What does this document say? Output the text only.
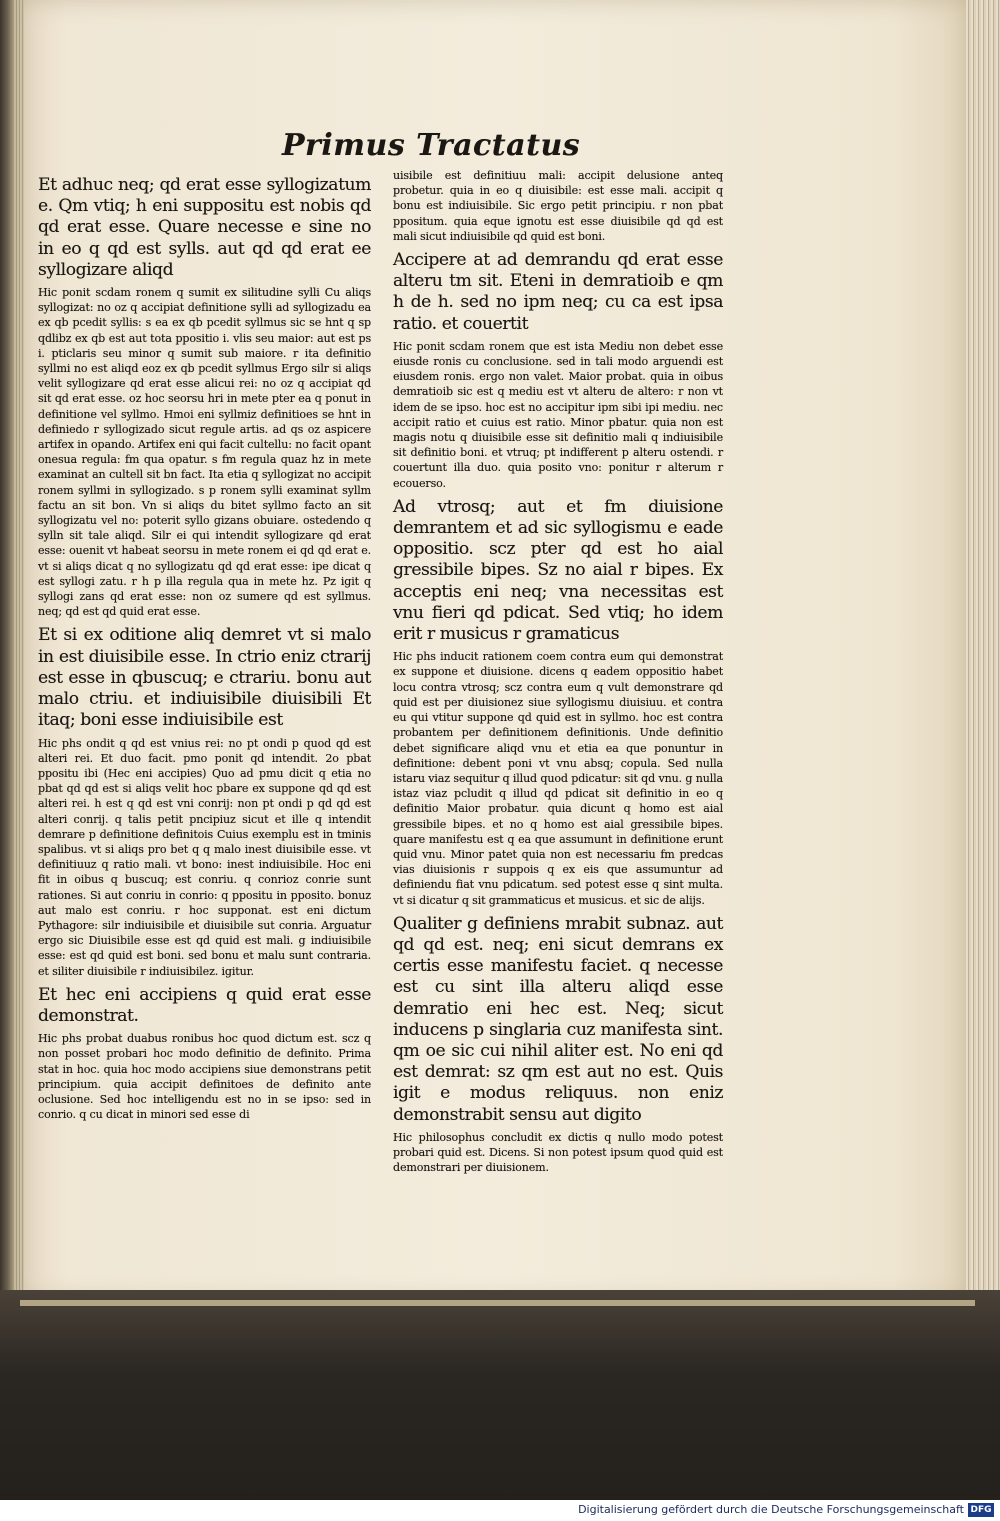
Primus Tractatus

Et adhuc neq; qd erat esse syllogizatum e. Qm vtiq; h eni suppositu est nobis qd qd erat esse. Quare necesse e sine no in eo q qd est sylls. aut qd qd erat ee syllogizare aliqd

Hic ponit scdam ronem q sumit ex silitudine sylli Cu aliqs syllogizat: no oz q accipiat definitione sylli ad syllogizadu ea ex qb pcedit syllis: s ea ex qb pcedit syllmus sic se hnt q sp qdlibz ex qb est aut tota ppositio i. vlis seu maior: aut est ps i. pticlaris seu minor q sumit sub maiore. r ita definitio syllmi no est aliqd eoz ex qb pcedit syllmus Ergo silr si aliqs velit syllogizare qd erat esse alicui rei: no oz q accipiat qd sit qd erat esse. oz hoc seorsu hri in mete pter ea q ponut in definitione vel syllmo. Hmoi eni syllmiz definitioes se hnt in definiedo r syllogizado sicut regule artis. ad qs oz aspicere artifex in opando. Artifex eni qui facit cultellu: no facit opant onesua regula: fm qua opatur. s fm regula quaz hz in mete examinat an cultell sit bn fact. Ita etia q syllogizat no accipit ronem syllmi in syllogizado. s p ronem sylli examinat syllm factu an sit bon. Vn si aliqs du bitet syllmo facto an sit syllogizatu vel no: poterit syllo gizans obuiare. ostedendo q sylln sit tale aliqd. Silr ei qui intendit syllogizare qd erat esse: ouenit vt habeat seorsu in mete ronem ei qd qd erat e. vt si aliqs dicat q no syllogizatu qd qd erat esse: ipe dicat q est syllogi zatu. r h p illa regula qua in mete hz. Pz igit q syllogi zans qd erat esse: non oz sumere qd est syllmus. neq; qd est qd quid erat esse.

Et si ex oditione aliq demret vt si malo in est diuisibile esse. In ctrio eniz ctrarij est esse in qbuscuq; e ctrariu. bonu aut malo ctriu. et indiuisibile diuisibili Et itaq; boni esse indiuisibile est

Hic phs ondit q qd est vnius rei: no pt ondi p quod qd est alteri rei. Et duo facit. pmo ponit qd intendit. 2o pbat ppositu ibi (Hec eni accipies) Quo ad pmu dicit q etia no pbat qd qd est si aliqs velit hoc pbare ex suppone qd qd est alteri rei. h est q qd est vni conrij: non pt ondi p qd qd est alteri conrij. q talis petit pncipiuz sicut et ille q intendit demrare p definitione definitois Cuius exemplu est in tminis spalibus. vt si aliqs pro bet q q malo inest diuisibile esse. vt definitiuuz q ratio mali. vt bono: inest indiuisibile. Hoc eni fit in oibus q buscuq; est conriu. q conrioz conrie sunt rationes. Si aut conriu in conrio: q ppositu in pposito. bonuz aut malo est conriu. r hoc supponat. est eni dictum Pythagore: silr indiuisibile et diuisibile sut conria. Arguatur ergo sic Diuisibile esse est qd quid est mali. g indiuisibile esse: est qd quid est boni. sed bonu et malu sunt contraria. et siliter diuisibile r indiuisibilez. igitur.

Et hec eni accipiens q quid erat esse demonstrat.

Hic phs probat duabus ronibus hoc quod dictum est. scz q non posset probari hoc modo definitio de definito. Prima stat in hoc. quia hoc modo accipiens siue demonstrans petit principium. quia accipit definitoes de definito ante oclusione. Sed hoc intelligendu est no in se ipso: sed in conrio. q cu dicat in minori sed esse di

uisibile est definitiuu mali: accipit delusione anteq probetur. quia in eo q diuisibile: est esse mali. accipit q bonu est indiuisibile. Sic ergo petit principiu. r non pbat ppositum. quia eque ignotu est esse diuisibile qd qd est mali sicut indiuisibile qd quid est boni.

Accipere at ad demrandu qd erat esse alteru tm sit. Eteni in demratioib e qm h de h. sed no ipm neq; cu ca est ipsa ratio. et couertit

Hic ponit scdam ronem que est ista Mediu non debet esse eiusde ronis cu conclusione. sed in tali modo arguendi est eiusdem ronis. ergo non valet. Maior probat. quia in oibus demratioib sic est q mediu est vt alteru de altero: r non vt idem de se ipso. hoc est no accipitur ipm sibi ipi mediu. nec accipit ratio et cuius est ratio. Minor pbatur. quia non est magis notu q diuisibile esse sit definitio mali q indiuisibile sit definitio boni. et vtruq; pt indifferent p alteru ostendi. r couertunt illa duo. quia posito vno: ponitur r alterum r ecouerso.

Ad vtrosq; aut et fm diuisione demrantem et ad sic syllogismu e eade oppositio. scz pter qd est ho aial gressibile bipes. Sz no aial r bipes. Ex acceptis eni neq; vna necessitas est vnu fieri qd pdicat. Sed vtiq; ho idem erit r musicus r gramaticus

Hic phs inducit rationem coem contra eum qui demonstrat ex suppone et diuisione. dicens q eadem oppositio habet locu contra vtrosq; scz contra eum q vult demonstrare qd quid est per diuisionez siue syllogismu diuisiuu. et contra eu qui vtitur suppone qd quid est in syllmo. hoc est contra probantem per definitionem definitionis. Unde definitio debet significare aliqd vnu et etia ea que ponuntur in definitione: debent poni vt vnu absq; copula. Sed nulla istaru viaz sequitur q illud quod pdicatur: sit qd vnu. g nulla istaz viaz pcludit q illud qd pdicat sit definitio in eo q definitio Maior probatur. quia dicunt q homo est aial gressibile bipes. et no q homo est aial gressibile bipes. quare manifestu est q ea que assumunt in definitione erunt quid vnu. Minor patet quia non est necessariu fm predcas vias diuisionis r suppois q ex eis que assumuntur ad definiendu fiat vnu pdicatum. sed potest esse q sint multa. vt si dicatur q sit grammaticus et musicus. et sic de alijs.

Qualiter g definiens mrabit subnaz. aut qd qd est. neq; eni sicut demrans ex certis esse manifestu faciet. q necesse est cu sint illa alteru aliqd esse demratio eni hec est. Neq; sicut inducens p singlaria cuz manifesta sint. qm oe sic cui nihil aliter est. No eni qd est demrat: sz qm est aut no est. Quis igit e modus reliquus. non eniz demonstrabit sensu aut digito

Hic philosophus concludit ex dictis q nullo modo potest probari quid est. Dicens. Si non potest ipsum quod quid est demonstrari per diuisionem.

Digitalisierung gefördert durch die Deutsche Forschungsgemeinschaft DFG
